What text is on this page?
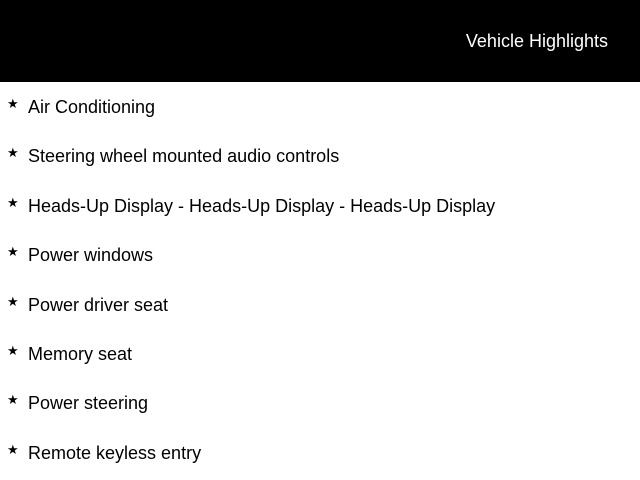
Vehicle Highlights
★ Air Conditioning
★ Steering wheel mounted audio controls
★ Heads-Up Display - Heads-Up Display - Heads-Up Display
★ Power windows
★ Power driver seat
★ Memory seat
★ Power steering
★ Remote keyless entry
